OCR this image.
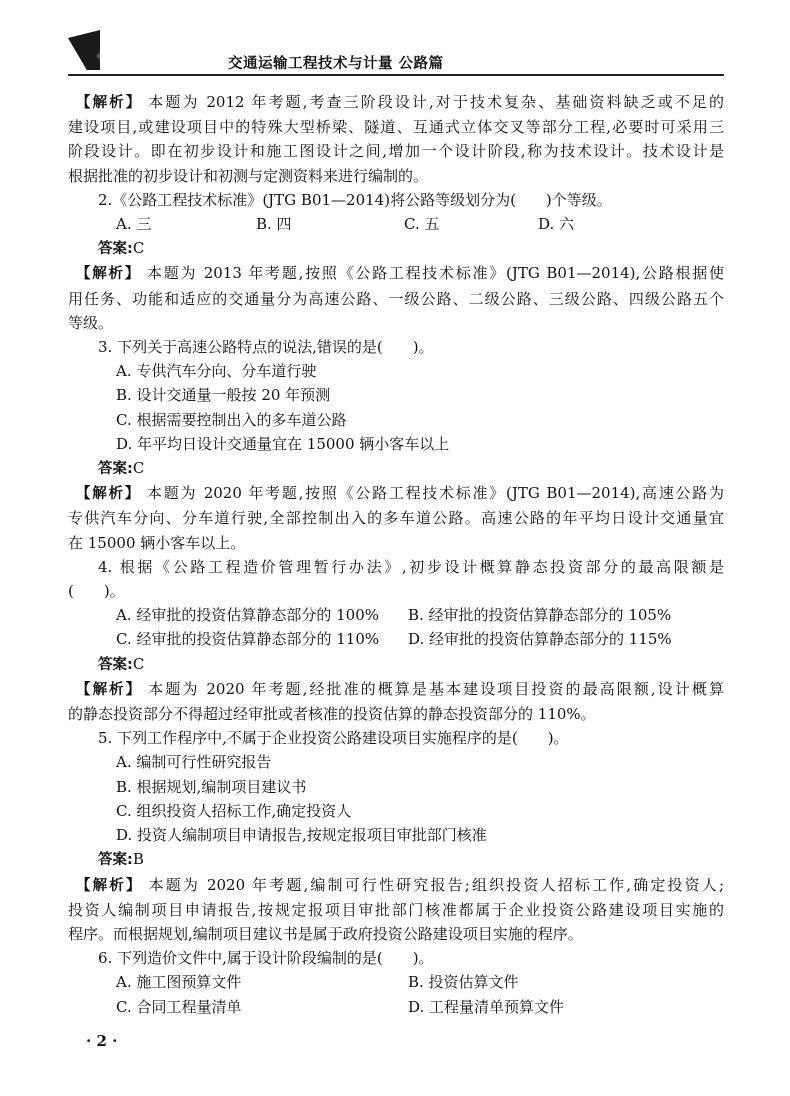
交通运输工程技术与计量 公路篇
【解析】 本题为 2012 年考题,考查三阶段设计,对于技术复杂、基础资料缺乏或不足的
建设项目,或建设项目中的特殊大型桥梁、隧道、互通式立体交叉等部分工程,必要时可采用三
阶段设计。即在初步设计和施工图设计之间,增加一个设计阶段,称为技术设计。技术设计是
根据批准的初步设计和初测与定测资料来进行编制的。
2.《公路工程技术标准》(JTG B01—2014)将公路等级划分为(　　)个等级。
A. 三	B. 四	C. 五	D. 六
答案:C
【解析】 本题为 2013 年考题,按照《公路工程技术标准》(JTG B01—2014),公路根据使
用任务、功能和适应的交通量分为高速公路、一级公路、二级公路、三级公路、四级公路五个
等级。
3. 下列关于高速公路特点的说法,错误的是(　　)。
A. 专供汽车分向、分车道行驶
B. 设计交通量一般按 20 年预测
C. 根据需要控制出入的多车道公路
D. 年平均日设计交通量宜在 15000 辆小客车以上
答案:C
【解析】 本题为 2020 年考题,按照《公路工程技术标准》(JTG B01—2014),高速公路为
专供汽车分向、分车道行驶,全部控制出入的多车道公路。高速公路的年平均日设计交通量宜
在 15000 辆小客车以上。
4. 根据《公路工程造价管理暂行办法》,初步设计概算静态投资部分的最高限额是
(　　)。
A. 经审批的投资估算静态部分的 100%	B. 经审批的投资估算静态部分的 105%
C. 经审批的投资估算静态部分的 110%	D. 经审批的投资估算静态部分的 115%
答案:C
【解析】 本题为 2020 年考题,经批准的概算是基本建设项目投资的最高限额,设计概算
的静态投资部分不得超过经审批或者核准的投资估算的静态投资部分的 110%。
5. 下列工作程序中,不属于企业投资公路建设项目实施程序的是(　　)。
A. 编制可行性研究报告
B. 根据规划,编制项目建议书
C. 组织投资人招标工作,确定投资人
D. 投资人编制项目申请报告,按规定报项目审批部门核准
答案:B
【解析】 本题为 2020 年考题,编制可行性研究报告;组织投资人招标工作,确定投资人;
投资人编制项目申请报告,按规定报项目审批部门核准都属于企业投资公路建设项目实施的
程序。而根据规划,编制项目建议书是属于政府投资公路建设项目实施的程序。
6. 下列造价文件中,属于设计阶段编制的是(　　)。
A. 施工图预算文件	B. 投资估算文件
C. 合同工程量清单	D. 工程量清单预算文件
· 2 ·
